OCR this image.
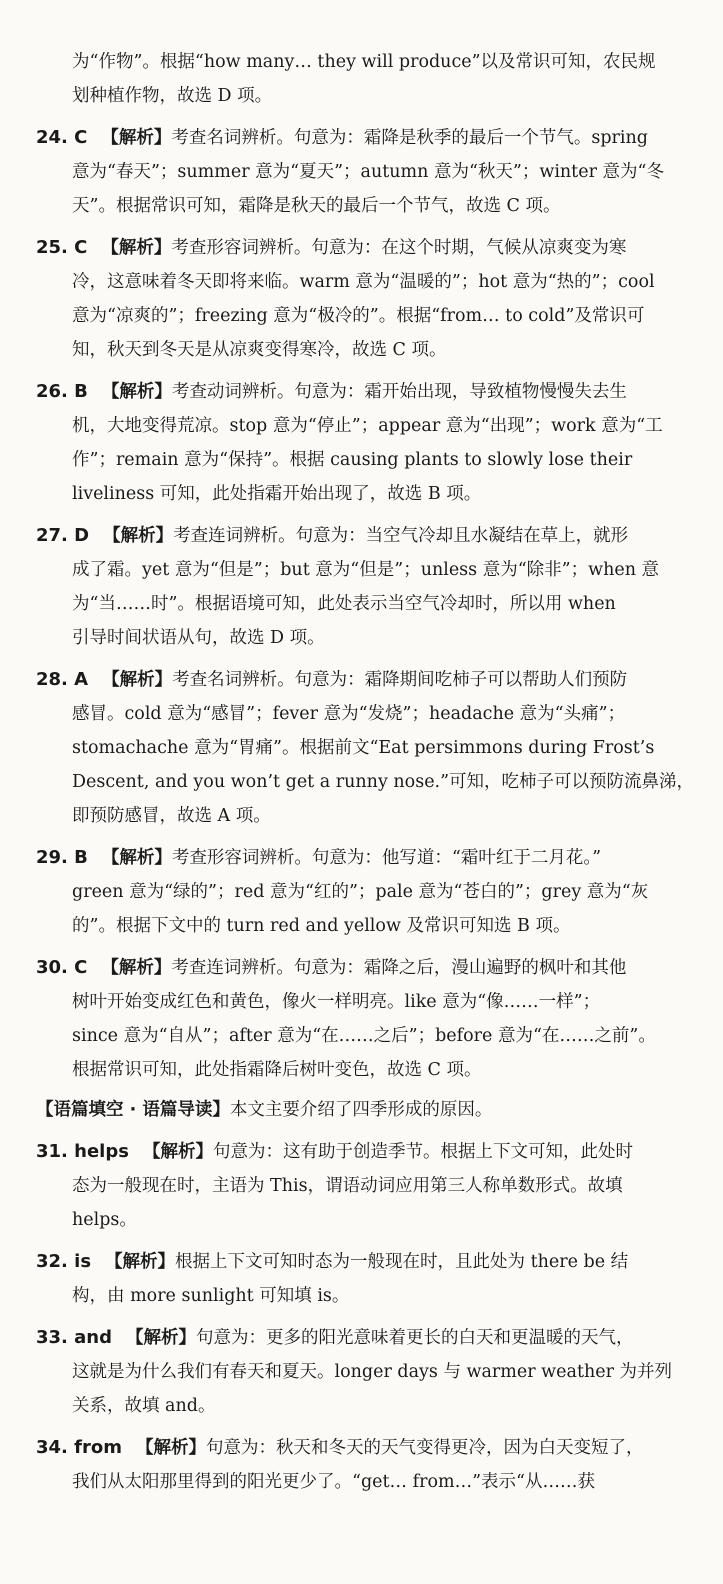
为“作物”。根据“how many… they will produce”以及常识可知，农民规
划种植作物，故选 D 项。
24. C 【解析】考查名词辨析。句意为：霜降是秋季的最后一个节气。spring
意为“春天”；summer 意为“夏天”；autumn 意为“秋天”；winter 意为“冬
天”。根据常识可知，霜降是秋天的最后一个节气，故选 C 项。
25. C 【解析】考查形容词辨析。句意为：在这个时期，气候从凉爽变为寒
冷，这意味着冬天即将来临。warm 意为“温暖的”；hot 意为“热的”；cool
意为“凉爽的”；freezing 意为“极冷的”。根据“from… to cold”及常识可
知，秋天到冬天是从凉爽变得寒冷，故选 C 项。
26. B 【解析】考查动词辨析。句意为：霜开始出现，导致植物慢慢失去生
机，大地变得荒凉。stop 意为“停止”；appear 意为“出现”；work 意为“工
作”；remain 意为“保持”。根据 causing plants to slowly lose their
liveliness 可知，此处指霜开始出现了，故选 B 项。
27. D 【解析】考查连词辨析。句意为：当空气冷却且水凝结在草上，就形
成了霜。yet 意为“但是”；but 意为“但是”；unless 意为“除非”；when 意
为“当……时”。根据语境可知，此处表示当空气冷却时，所以用 when
引导时间状语从句，故选 D 项。
28. A 【解析】考查名词辨析。句意为：霜降期间吃柿子可以帮助人们预防
感冒。cold 意为“感冒”；fever 意为“发烧”；headache 意为“头痛”；
stomachache 意为“胃痛”。根据前文“Eat persimmons during Frost’s
Descent, and you won’t get a runny nose.”可知，吃柿子可以预防流鼻涕，
即预防感冒，故选 A 项。
29. B 【解析】考查形容词辨析。句意为：他写道：“霜叶红于二月花。”
green 意为“绿的”；red 意为“红的”；pale 意为“苍白的”；grey 意为“灰
的”。根据下文中的 turn red and yellow 及常识可知选 B 项。
30. C 【解析】考查连词辨析。句意为：霜降之后，漫山遍野的枫叶和其他
树叶开始变成红色和黄色，像火一样明亮。like 意为“像……一样”；
since 意为“自从”；after 意为“在……之后”；before 意为“在……之前”。
根据常识可知，此处指霜降后树叶变色，故选 C 项。
【语篇填空 · 语篇导读】本文主要介绍了四季形成的原因。
31. helps 【解析】句意为：这有助于创造季节。根据上下文可知，此处时
态为一般现在时，主语为 This，谓语动词应用第三人称单数形式。故填
helps。
32. is 【解析】根据上下文可知时态为一般现在时，且此处为 there be 结
构，由 more sunlight 可知填 is。
33. and 【解析】句意为：更多的阳光意味着更长的白天和更温暖的天气，
这就是为什么我们有春天和夏天。longer days 与 warmer weather 为并列
关系，故填 and。
34. from 【解析】句意为：秋天和冬天的天气变得更冷，因为白天变短了，
我们从太阳那里得到的阳光更少了。“get… from…”表示“从……获
